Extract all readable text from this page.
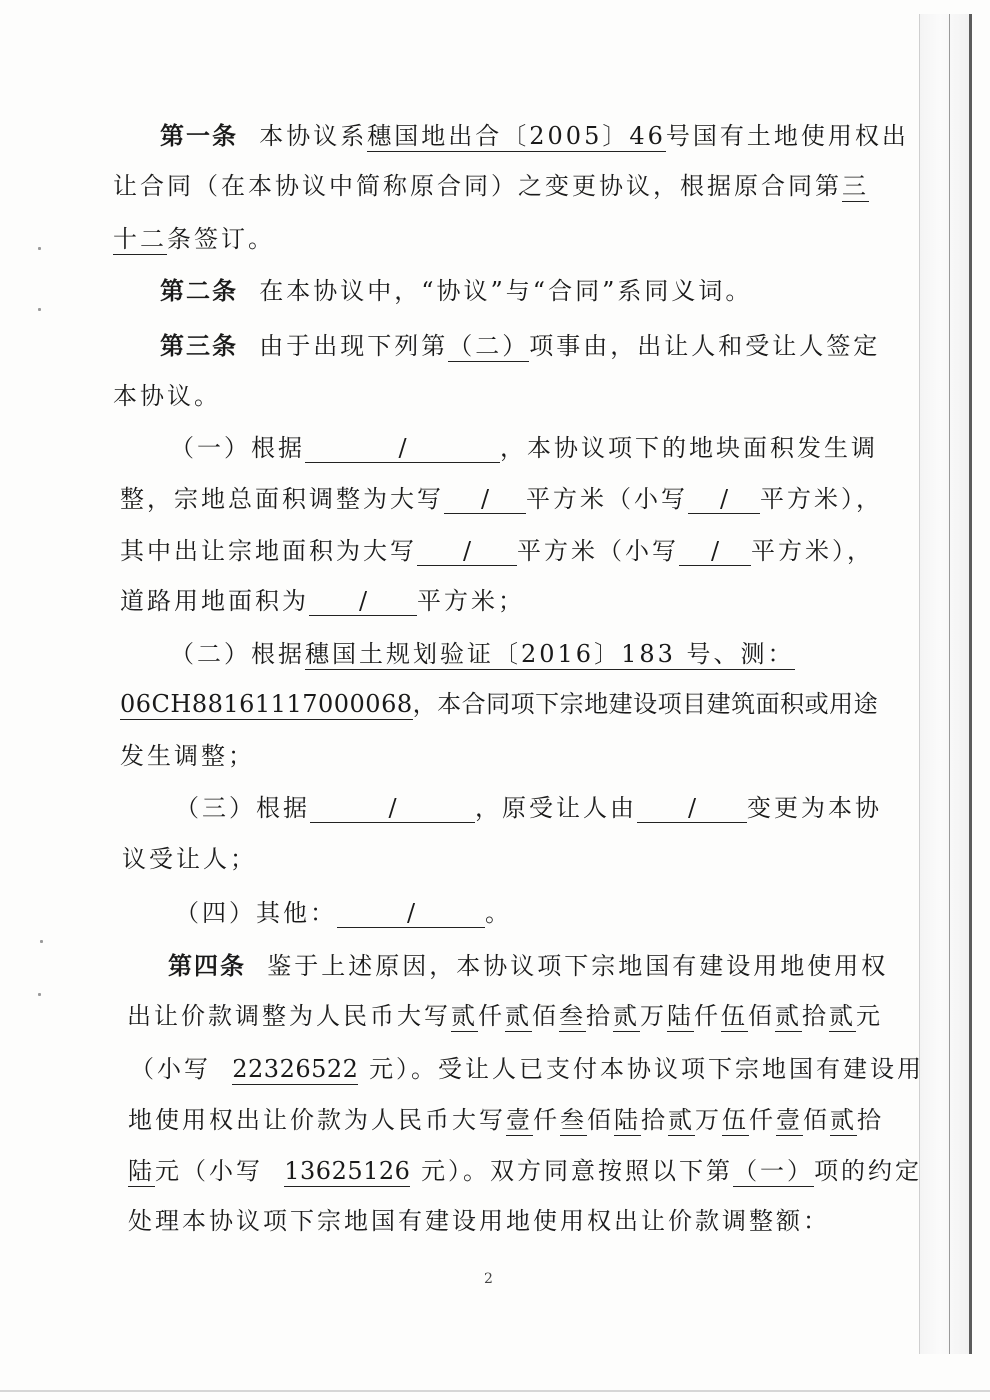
第一条 本协议系穗国地出合〔2005〕46号国有土地使用权出
让合同（在本协议中简称原合同）之变更协议，根据原合同第三
十二条签订。
第二条 在本协议中，“协议”与“合同”系同义词。
第三条 由于出现下列第（二）项事由，出让人和受让人签定
本协议。
（一）根据	/	，本协议项下的地块面积发生调
整，宗地总面积调整为大写 / 平方米（小写 / 平方米），
其中出让宗地面积为大写 / 平方米（小写 / 平方米），
道路用地面积为 / 平方米；
（二）根据穗国土规划验证〔2016〕183 号、测：
06CH88161117000068，本合同项下宗地建设项目建筑面积或用途
发生调整；
（三）根据	/	，原受让人由 / 变更为本协
议受让人；
（四）其他：	/	。
第四条 鉴于上述原因，本协议项下宗地国有建设用地使用权
出让价款调整为人民币大写贰仟贰佰叁拾贰万陆仟伍佰贰拾贰元
（小写 22326522 元）。受让人已支付本协议项下宗地国有建设用
地使用权出让价款为人民币大写壹仟叁佰陆拾贰万伍仟壹佰贰拾
陆元（小写 13625126 元）。双方同意按照以下第（一）项的约定
处理本协议项下宗地国有建设用地使用权出让价款调整额：
2
